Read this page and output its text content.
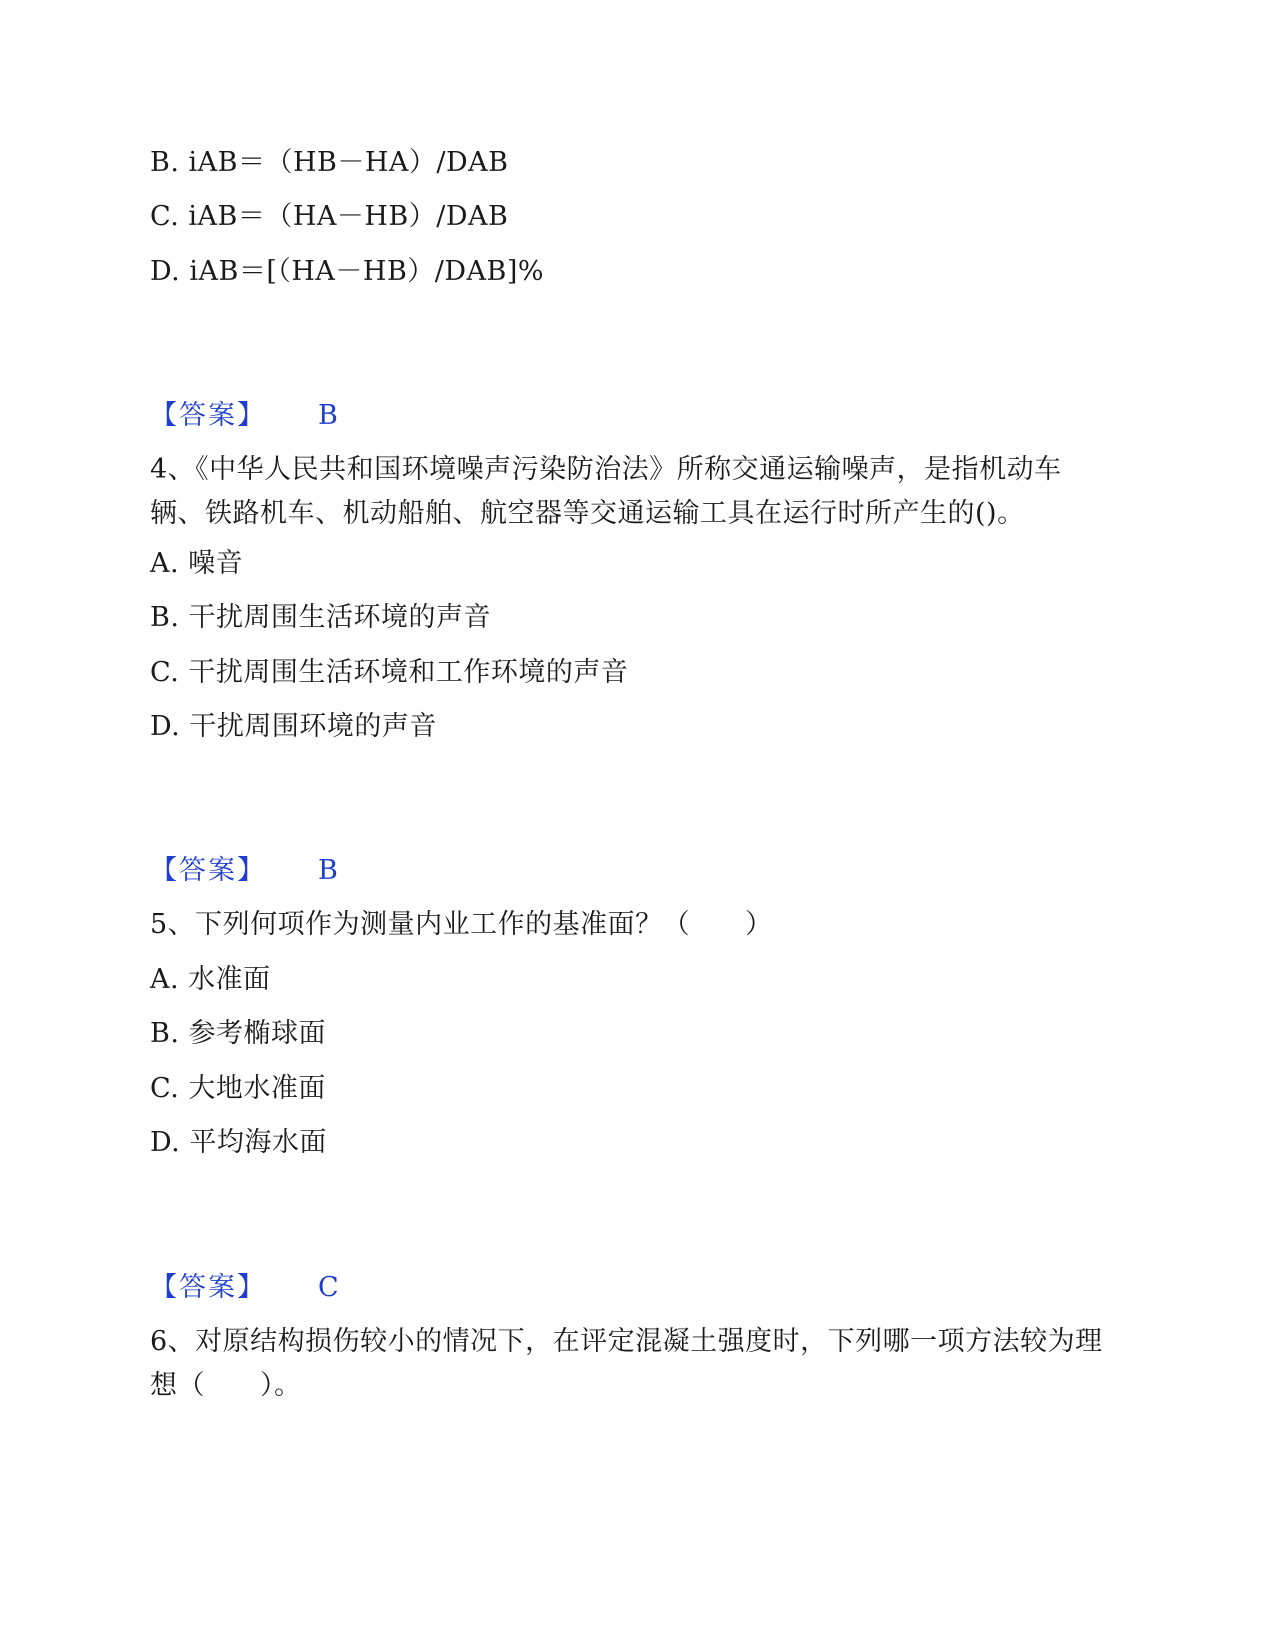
B. iAB＝（HB－HA）/DAB
C. iAB＝（HA－HB）/DAB
D. iAB＝[（HA－HB）/DAB]%
【答案】 B
4、《中华人民共和国环境噪声污染防治法》所称交通运输噪声，是指机动车辆、铁路机车、机动船舶、航空器等交通运输工具在运行时所产生的()。
A. 噪音
B. 干扰周围生活环境的声音
C. 干扰周围生活环境和工作环境的声音
D. 干扰周围环境的声音
【答案】 B
5、下列何项作为测量内业工作的基准面？（　　）
A. 水准面
B. 参考椭球面
C. 大地水准面
D. 平均海水面
【答案】 C
6、对原结构损伤较小的情况下，在评定混凝土强度时，下列哪一项方法较为理想（　　）。
